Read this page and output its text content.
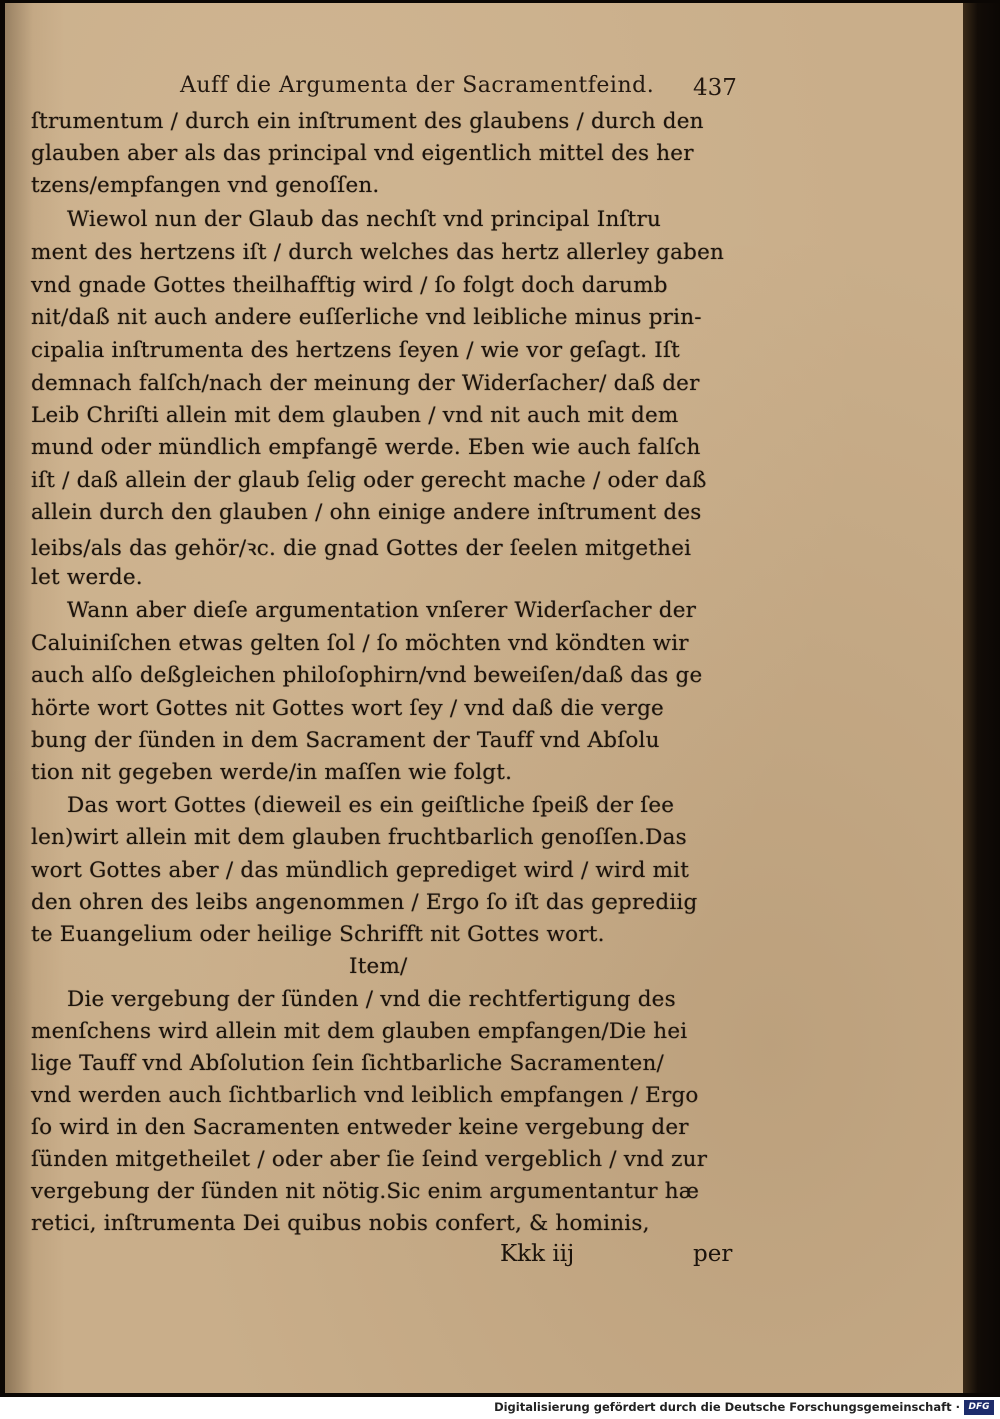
Auff die Argumenta der Sacramentfeind. 437
ſtrumentum / durch ein inſtrument des glaubens / durch den
glauben aber als das principal vnd eigentlich mittel des her
tzens/empfangen vnd genoſſen.
Wiewol nun der Glaub das nechſt vnd principal Inſtru
ment des hertzens iſt / durch welches das hertz allerley gaben
vnd gnade Gottes theilhafftig wird / ſo folgt doch darumb
nit/daß nit auch andere euſſerliche vnd leibliche minus prin-
cipalia inſtrumenta des hertzens ſeyen / wie vor geſagt. Iſt
demnach falſch/nach der meinung der Widerſacher/ daß der
Leib Chriſti allein mit dem glauben / vnd nit auch mit dem
mund oder mündlich empfangē werde. Eben wie auch falſch
iſt / daß allein der glaub ſelig oder gerecht mache / oder daß
allein durch den glauben / ohn einige andere inſtrument des
leibs/als das gehör/ꝛc. die gnad Gottes der ſeelen mitgethei
let werde.
Wann aber dieſe argumentation vnſerer Widerſacher der
Caluiniſchen etwas gelten ſol / ſo möchten vnd köndten wir
auch alſo deßgleichen philoſophirn/vnd beweiſen/daß das ge
hörte wort Gottes nit Gottes wort ſey / vnd daß die verge
bung der ſünden in dem Sacrament der Tauff vnd Abſolu
tion nit gegeben werde/in maſſen wie folgt.
Das wort Gottes (dieweil es ein geiſtliche ſpeiß der ſee
len)wirt allein mit dem glauben fruchtbarlich genoſſen.Das
wort Gottes aber / das mündlich geprediget wird / wird mit
den ohren des leibs angenommen / Ergo ſo iſt das geprediig
te Euangelium oder heilige Schrifft nit Gottes wort.
Item/
Die vergebung der ſünden / vnd die rechtfertigung des
menſchens wird allein mit dem glauben empfangen/Die hei
lige Tauff vnd Abſolution ſein ſichtbarliche Sacramenten/
vnd werden auch ſichtbarlich vnd leiblich empfangen / Ergo
ſo wird in den Sacramenten entweder keine vergebung der
ſünden mitgetheilet / oder aber ſie ſeind vergeblich / vnd zur
vergebung der ſünden nit nötig.Sic enim argumentantur hæ
retici, inſtrumenta Dei quibus nobis confert, & hominis,
Kkk iij	per
Digitalisierung gefördert durch die Deutsche Forschungsgemeinschaft · DFG
